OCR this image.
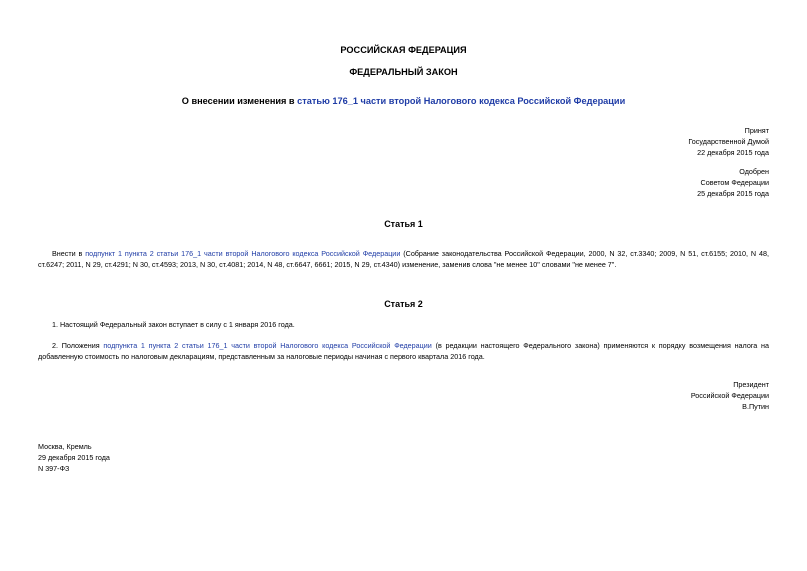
РОССИЙСКАЯ ФЕДЕРАЦИЯ
ФЕДЕРАЛЬНЫЙ ЗАКОН
О внесении изменения в статью 176_1 части второй Налогового кодекса Российской Федерации
Принят
Государственной Думой
22 декабря 2015 года
Одобрен
Советом Федерации
25 декабря 2015 года
Статья 1
Внести в подпункт 1 пункта 2 статьи 176_1 части второй Налогового кодекса Российской Федерации (Собрание законодательства Российской Федерации, 2000, N 32, ст.3340; 2009, N 51, ст.6155; 2010, N 48, ст.6247; 2011, N 29, ст.4291; N 30, ст.4593; 2013, N 30, ст.4081; 2014, N 48, ст.6647, 6661; 2015, N 29, ст.4340) изменение, заменив слова "не менее 10" словами "не менее 7".
Статья 2
1. Настоящий Федеральный закон вступает в силу с 1 января 2016 года.
2. Положения подпункта 1 пункта 2 статьи 176_1 части второй Налогового кодекса Российской Федерации (в редакции настоящего Федерального закона) применяются к порядку возмещения налога на добавленную стоимость по налоговым декларациям, представленным за налоговые периоды начиная с первого квартала 2016 года.
Президент
Российской Федерации
В.Путин
Москва, Кремль
29 декабря 2015 года
N 397-ФЗ
